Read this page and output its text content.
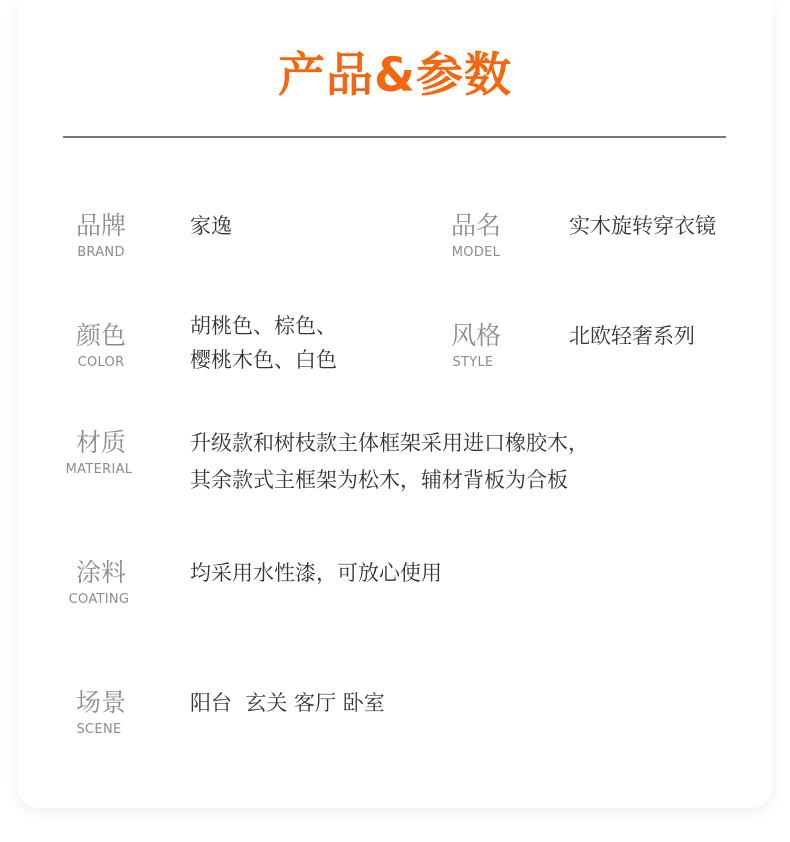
产品&参数
品牌
BRAND
家逸	品名
MODEL
实木旋转穿衣镜
颜色
COLOR
胡桃色、棕色、
樱桃木色、白色
风格
STYLE
北欧轻奢系列
材质
MATERIAL
升级款和树枝款主体框架采用进口橡胶木，
其余款式主框架为松木，辅材背板为合板
涂料
COATING
均采用水性漆，可放心使用
场景
SCENE
阳台  玄关 客厅 卧室
